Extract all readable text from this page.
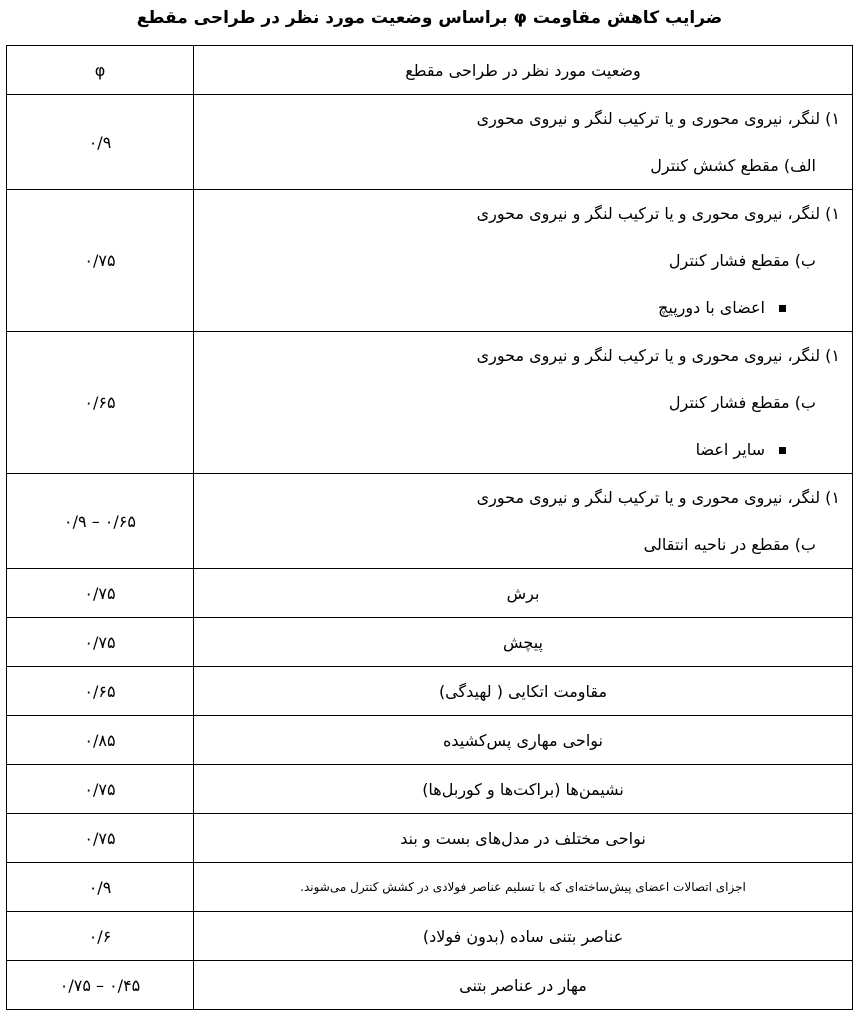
ضرایب کاهش مقاومت φ براساس وضعیت مورد نظر در طراحی مقطع
وضعیت مورد نظر در طراحی مقطع	φ

۱) لنگر، نیروی محوری و یا ترکیب لنگر و نیروی محوری
الف) مقطع کشش کنترل	۰/۹

۱) لنگر، نیروی محوری و یا ترکیب لنگر و نیروی محوری
ب) مقطع فشار کنترل
اعضای با دورپیچ	۰/۷۵

۱) لنگر، نیروی محوری و یا ترکیب لنگر و نیروی محوری
ب) مقطع فشار کنترل
سایر اعضا	۰/۶۵

۱) لنگر، نیروی محوری و یا ترکیب لنگر و نیروی محوری
ب) مقطع در ناحیه انتقالی	۰/۶۵ – ۰/۹
برش	۰/۷۵
پیچش	۰/۷۵
مقاومت اتکایی ( لهیدگی)	۰/۶۵
نواحی مهاری پس‌کشیده	۰/۸۵
نشیمن‌ها (براکت‌ها و کوربل‌ها)	۰/۷۵
نواحی مختلف در مدل‌های بست و بند	۰/۷۵
اجزای اتصالات اعضای پیش‌ساخته‌ای که با تسلیم عناصر فولادی در کشش کنترل می‌شوند.	۰/۹
عناصر بتنی ساده (بدون فولاد)	۰/۶
مهار در عناصر بتنی	۰/۴۵ – ۰/۷۵
